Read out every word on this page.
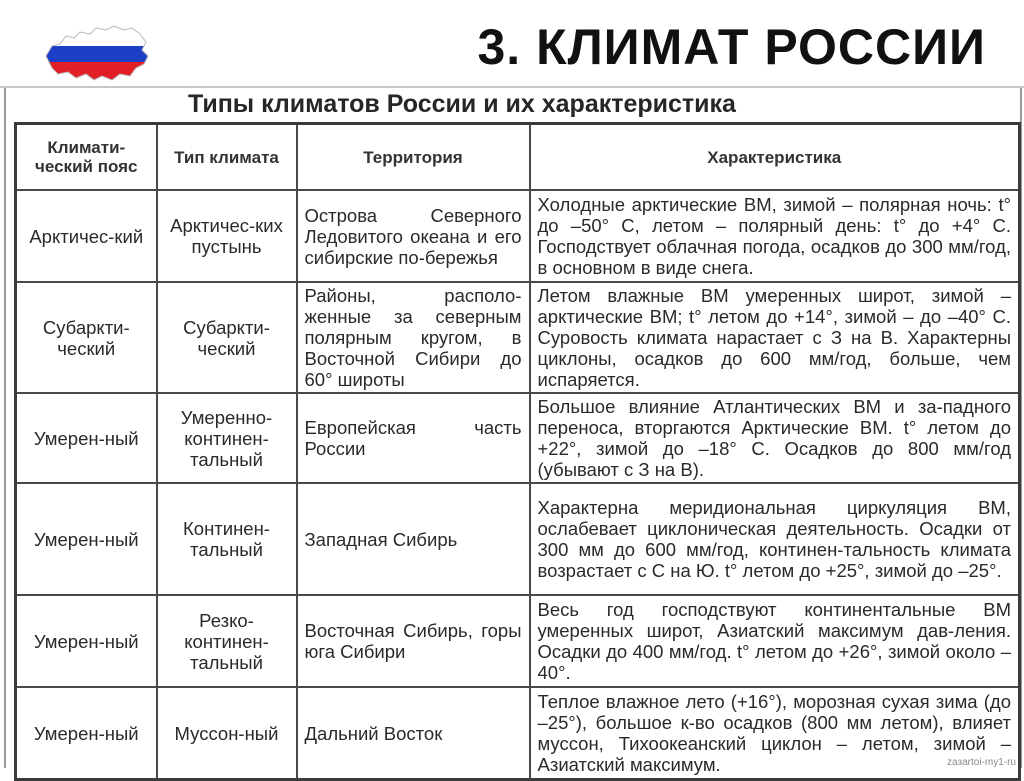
3. КЛИМАТ РОССИИ
Типы климатов России и их характеристика
Климати-ческий пояс	Тип климата	Территория	Характеристика
Арктичес-кий	Арктичес-ких пустынь	Острова Северного Ледовитого океана и его сибирские по-бережья	Холодные арктические ВМ, зимой – полярная ночь: t° до –50° С, летом – полярный день: t° до +4° С. Господствует облачная погода, осадков до 300 мм/год, в основном в виде снега.
Субаркти-ческий	Субаркти-ческий	Районы, располо-женные за северным полярным кругом, в Восточной Сибири до 60° широты	Летом влажные ВМ умеренных широт, зимой – арктические ВМ; t° летом до +14°, зимой – до –40° С. Суровость климата нарастает с З на В. Характерны циклоны, осадков до 600 мм/год, больше, чем испаряется.
Умерен-ный	Умеренно-континен-тальный	Европейская часть России	Большое влияние Атлантических ВМ и за-падного переноса, вторгаются Арктические ВМ. t° летом до +22°, зимой до –18° С. Осадков до 800 мм/год (убывают с З на В).
Умерен-ный	Континен-тальный	Западная Сибирь	Характерна меридиональная циркуляция ВМ, ослабевает циклоническая деятельность. Осадки от 300 мм до 600 мм/год, континен-тальность климата возрастает с С на Ю. t° летом до +25°, зимой до –25°.
Умерен-ный	Резко-континен-тальный	Восточная Сибирь, горы юга Сибири	Весь год господствуют континентальные ВМ умеренных широт, Азиатский максимум дав-ления. Осадки до 400 мм/год. t° летом до +26°, зимой около –40°.
Умерен-ный	Муссон-ный	Дальний Восток	Теплое влажное лето (+16°), морозная сухая зима (до –25°), большое к-во осадков (800 мм летом), влияет муссон, Тихоокеанский циклон – летом, зимой – Азиатский максимум.	zaзartoi-my1-ru
